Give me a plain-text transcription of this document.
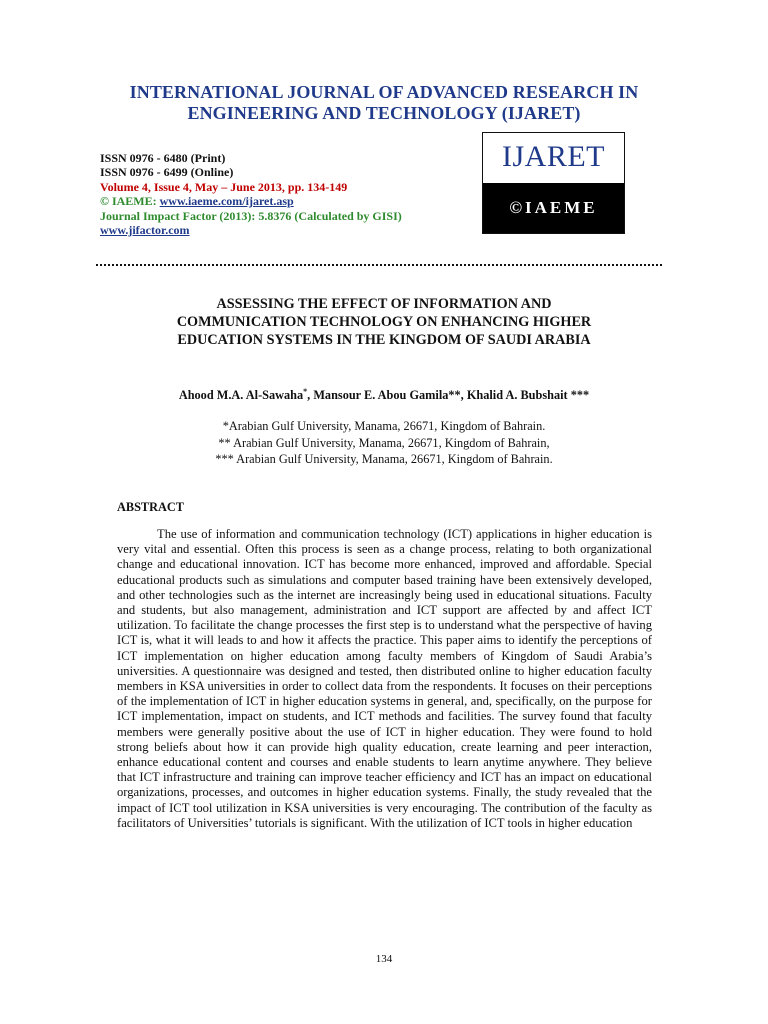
INTERNATIONAL JOURNAL OF ADVANCED RESEARCH IN
ENGINEERING AND TECHNOLOGY (IJARET)
ISSN 0976 - 6480 (Print)
ISSN 0976 - 6499 (Online)
Volume 4, Issue 4, May – June 2013, pp. 134-149
© IAEME: www.iaeme.com/ijaret.asp
Journal Impact Factor (2013): 5.8376 (Calculated by GISI)
www.jifactor.com
IJARET
©IAEME
ASSESSING THE EFFECT OF INFORMATION AND
COMMUNICATION TECHNOLOGY ON ENHANCING HIGHER
EDUCATION SYSTEMS IN THE KINGDOM OF SAUDI ARABIA
Ahood M.A. Al-Sawaha*, Mansour E. Abou Gamila**, Khalid A. Bubshait ***
*Arabian Gulf University, Manama, 26671, Kingdom of Bahrain.
** Arabian Gulf University, Manama, 26671, Kingdom of Bahrain,
*** Arabian Gulf University, Manama, 26671, Kingdom of Bahrain.
ABSTRACT
The use of information and communication technology (ICT) applications in higher education is very vital and essential. Often this process is seen as a change process, relating to both organizational change and educational innovation. ICT has become more enhanced, improved and affordable. Special educational products such as simulations and computer based training have been extensively developed, and other technologies such as the internet are increasingly being used in educational situations. Faculty and students, but also management, administration and ICT support are affected by and affect ICT utilization. To facilitate the change processes the first step is to understand what the perspective of having ICT is, what it will leads to and how it affects the practice. This paper aims to identify the perceptions of ICT implementation on higher education among faculty members of Kingdom of Saudi Arabia’s universities. A questionnaire was designed and tested, then distributed online to higher education faculty members in KSA universities in order to collect data from the respondents. It focuses on their perceptions of the implementation of ICT in higher education systems in general, and, specifically, on the purpose for ICT implementation, impact on students, and ICT methods and facilities. The survey found that faculty members were generally positive about the use of ICT in higher education. They were found to hold strong beliefs about how it can provide high quality education, create learning and peer interaction, enhance educational content and courses and enable students to learn anytime anywhere. They believe that ICT infrastructure and training can improve teacher efficiency and ICT has an impact on educational organizations, processes, and outcomes in higher education systems. Finally, the study revealed that the impact of ICT tool utilization in KSA universities is very encouraging. The contribution of the faculty as facilitators of Universities’ tutorials is significant. With the utilization of ICT tools in higher education
134
